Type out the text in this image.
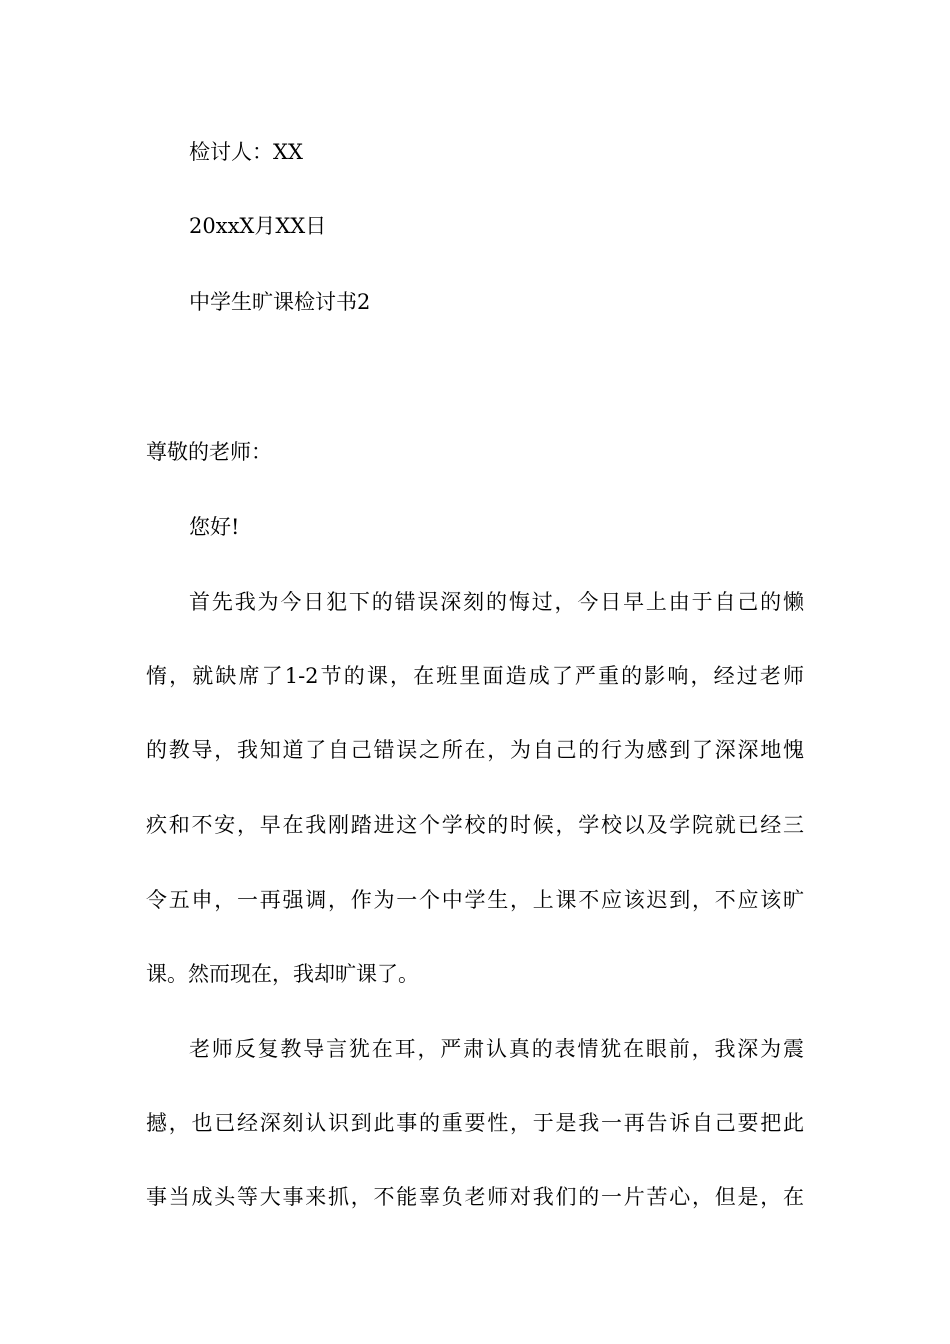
检讨人：XX
20xxX月XX日
中学生旷课检讨书2
尊敬的老师：
您好!
首先我为今日犯下的错误深刻的悔过，今日早上由于自己的懒
惰，就缺席了1-2节的课，在班里面造成了严重的影响，经过老师
的教导，我知道了自己错误之所在，为自己的行为感到了深深地愧
疚和不安，早在我刚踏进这个学校的时候，学校以及学院就已经三
令五申，一再强调，作为一个中学生，上课不应该迟到，不应该旷
课。然而现在，我却旷课了。
老师反复教导言犹在耳，严肃认真的表情犹在眼前，我深为震
撼，也已经深刻认识到此事的重要性，于是我一再告诉自己要把此
事当成头等大事来抓，不能辜负老师对我们的一片苦心，但是，在
